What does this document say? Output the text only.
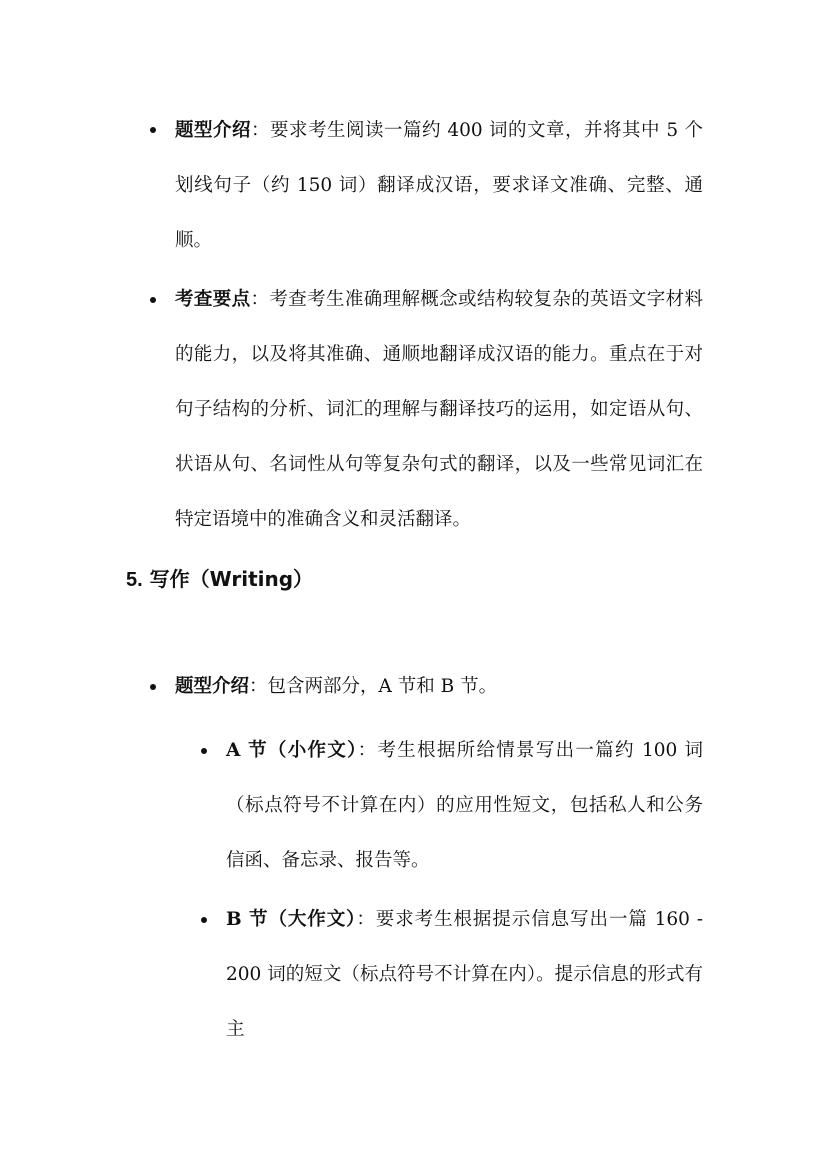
题型介绍：要求考生阅读一篇约 400 词的文章，并将其中 5 个划线句子（约 150 词）翻译成汉语，要求译文准确、完整、通顺。
考查要点：考查考生准确理解概念或结构较复杂的英语文字材料的能力，以及将其准确、通顺地翻译成汉语的能力。重点在于对句子结构的分析、词汇的理解与翻译技巧的运用，如定语从句、状语从句、名词性从句等复杂句式的翻译，以及一些常见词汇在特定语境中的准确含义和灵活翻译。
5. 写作（Writing）
题型介绍：包含两部分，A 节和 B 节。
A 节（小作文）：考生根据所给情景写出一篇约 100 词（标点符号不计算在内）的应用性短文，包括私人和公务信函、备忘录、报告等。
B 节（大作文）：要求考生根据提示信息写出一篇 160 - 200 词的短文（标点符号不计算在内）。提示信息的形式有主
